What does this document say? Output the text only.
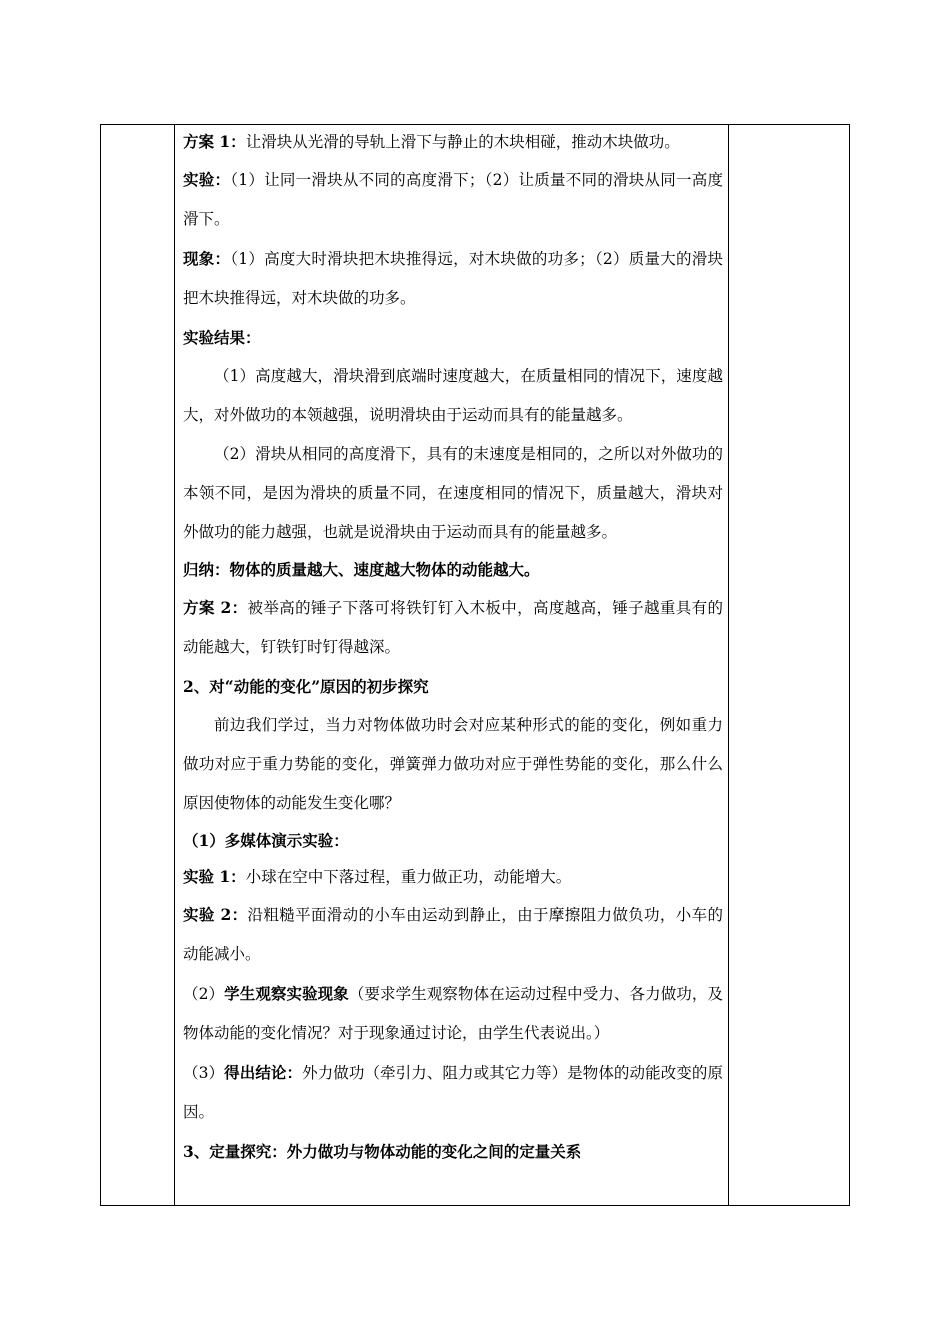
方案 1：让滑块从光滑的导轨上滑下与静止的木块相碰，推动木块做功。

实验：（1）让同一滑块从不同的高度滑下；（2）让质量不同的滑块从同一高度滑下。

现象：（1）高度大时滑块把木块推得远，对木块做的功多；（2）质量大的滑块把木块推得远，对木块做的功多。

实验结果：

（1）高度越大，滑块滑到底端时速度越大，在质量相同的情况下，速度越大，对外做功的本领越强，说明滑块由于运动而具有的能量越多。

（2）滑块从相同的高度滑下，具有的末速度是相同的，之所以对外做功的本领不同，是因为滑块的质量不同，在速度相同的情况下，质量越大，滑块对外做功的能力越强，也就是说滑块由于运动而具有的能量越多。

归纳：物体的质量越大、速度越大物体的动能越大。

方案 2：被举高的锤子下落可将铁钉钉入木板中，高度越高，锤子越重具有的动能越大，钉铁钉时钉得越深。

2、对“动能的变化”原因的初步探究

前边我们学过，当力对物体做功时会对应某种形式的能的变化，例如重力做功对应于重力势能的变化，弹簧弹力做功对应于弹性势能的变化，那么什么原因使物体的动能发生变化哪？

（1）多媒体演示实验：

实验 1：小球在空中下落过程，重力做正功，动能增大。

实验 2：沿粗糙平面滑动的小车由运动到静止，由于摩擦阻力做负功，小车的动能减小。

（2）学生观察实验现象（要求学生观察物体在运动过程中受力、各力做功，及物体动能的变化情况？对于现象通过讨论，由学生代表说出。）

（3）得出结论：外力做功（牵引力、阻力或其它力等）是物体的动能改变的原因。

3、定量探究：外力做功与物体动能的变化之间的定量关系
